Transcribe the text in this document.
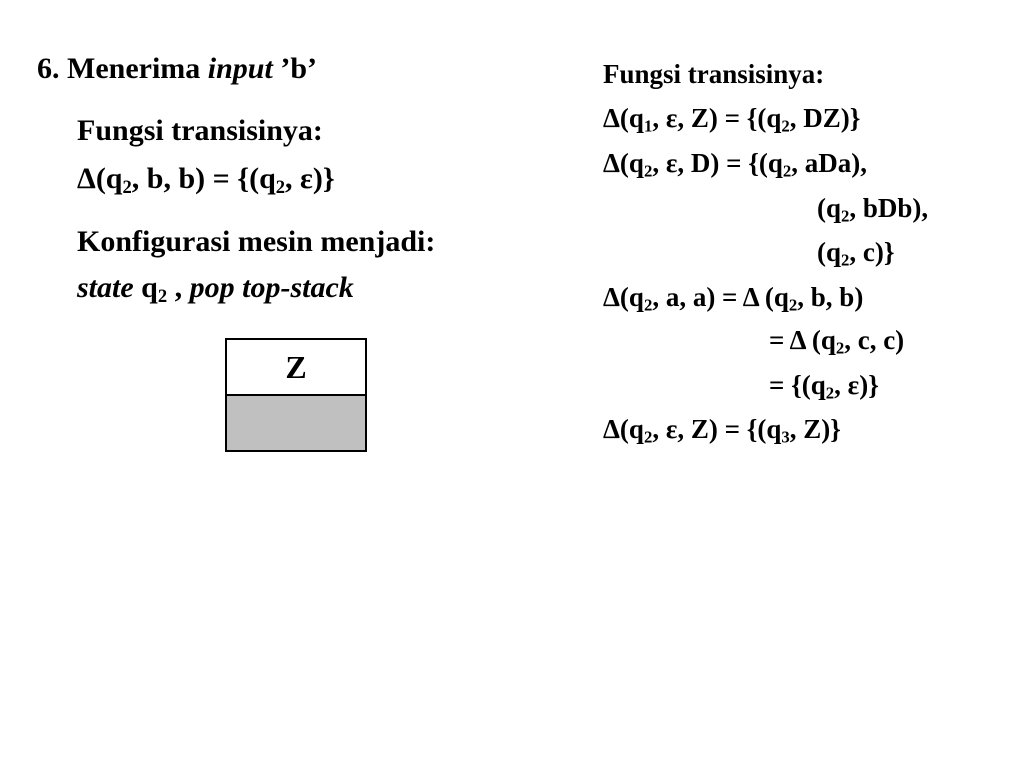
6. Menerima input ’b’
Fungsi transisinya:
$\Delta(q_2$, b, $b) = \{(q_2$, ε)}
Konfigurasi mesin menjadi:
state $q_2$ , pop top-stack
Z
Fungsi transisinya:
$\Delta(q_1$, ε, $Z) = \{(q_2$, DZ)}
$\Delta(q_2$, ε, $D) = \{(q_2$, aDa),
($q_2$, bDb),
($q_2$, c)}
$\Delta(q_2$, a, a) = Δ ($q_2$, b, b)
= Δ ($q_2$, c, c)
= {($q_2$, ε)}
$\Delta(q_2$, ε, $Z) = \{(q_3$, Z)}
